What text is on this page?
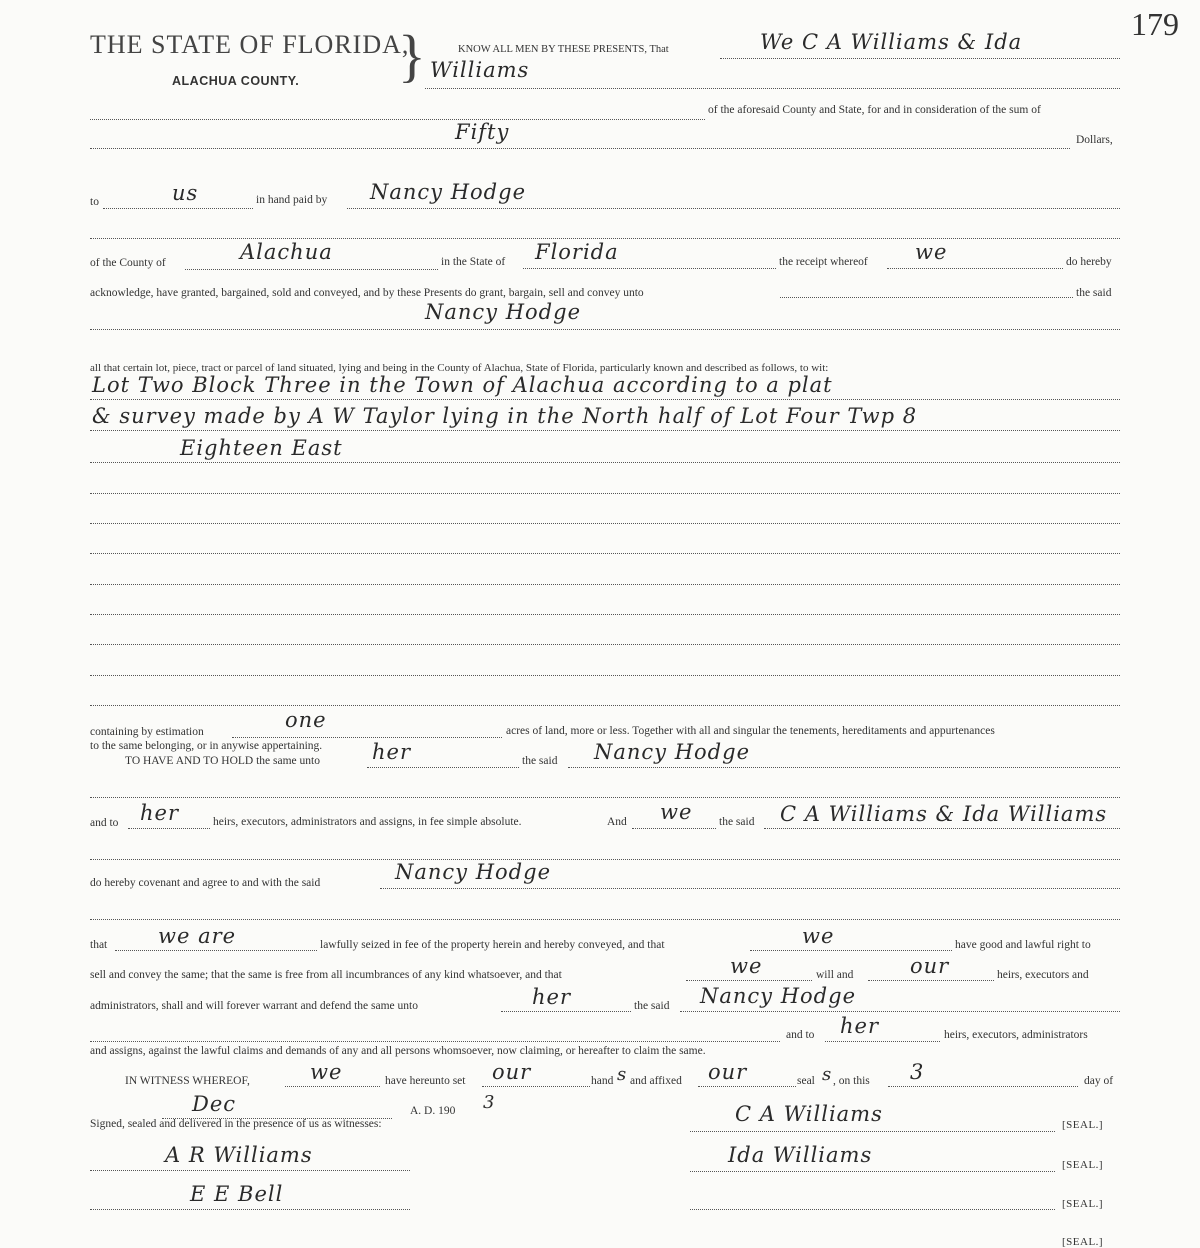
179
THE STATE OF FLORIDA,
ALACHUA COUNTY. }	KNOW ALL MEN BY THESE PRESENTS, That	We C A Williams & Ida
Williams
of the aforesaid County and State, for and in consideration of the sum of
Fifty	Dollars,
to	us	in hand paid by Nancy Hodge
of the County of	Alachua	in the State of Florida	the receipt whereof we	do hereby
acknowledge, have granted, bargained, sold and conveyed, and by these Presents do grant, bargain, sell and convey unto	the said
Nancy Hodge
all that certain lot, piece, tract or parcel of land situated, lying and being in the County of Alachua, State of Florida, particularly known and described as follows, to wit:
Lot Two Block Three in the Town of Alachua according to a plat
& survey made by A W Taylor lying in the North half of Lot Four Twp 8
Eighteen East
containing by estimation	one	acres of land, more or less. Together with all and singular the tenements, hereditaments and appurtenances
to the same belonging, or in anywise appertaining.
TO HAVE AND TO HOLD the same unto her	the said Nancy Hodge
and to her	heirs, executors, administrators and assigns, in fee simple absolute.	And we the said C A Williams & Ida Williams
do hereby covenant and agree to and with the said	Nancy Hodge
that we are	lawfully seized in fee of the property herein and hereby conveyed, and that	we	have good and lawful right to
sell and convey the same; that the same is free from all incumbrances of any kind whatsoever, and that	we	will and	our	heirs, executors and
administrators, shall and will forever warrant and defend the same unto	her	the said Nancy Hodge
and to her	heirs, executors, administrators
and assigns, against the lawful claims and demands of any and all persons whomsoever, now claiming, or hereafter to claim the same.
IN WITNESS WHEREOF,	we	have hereunto set our	hand s and affixed our	seal s , on this 3	day of
Dec	A. D. 190 3
Signed, sealed and delivered in the presence of us as witnesses:	C A Williams	[SEAL.]
A R Williams	Ida Williams	[SEAL.]
E E Bell	[SEAL.]
[SEAL.]
